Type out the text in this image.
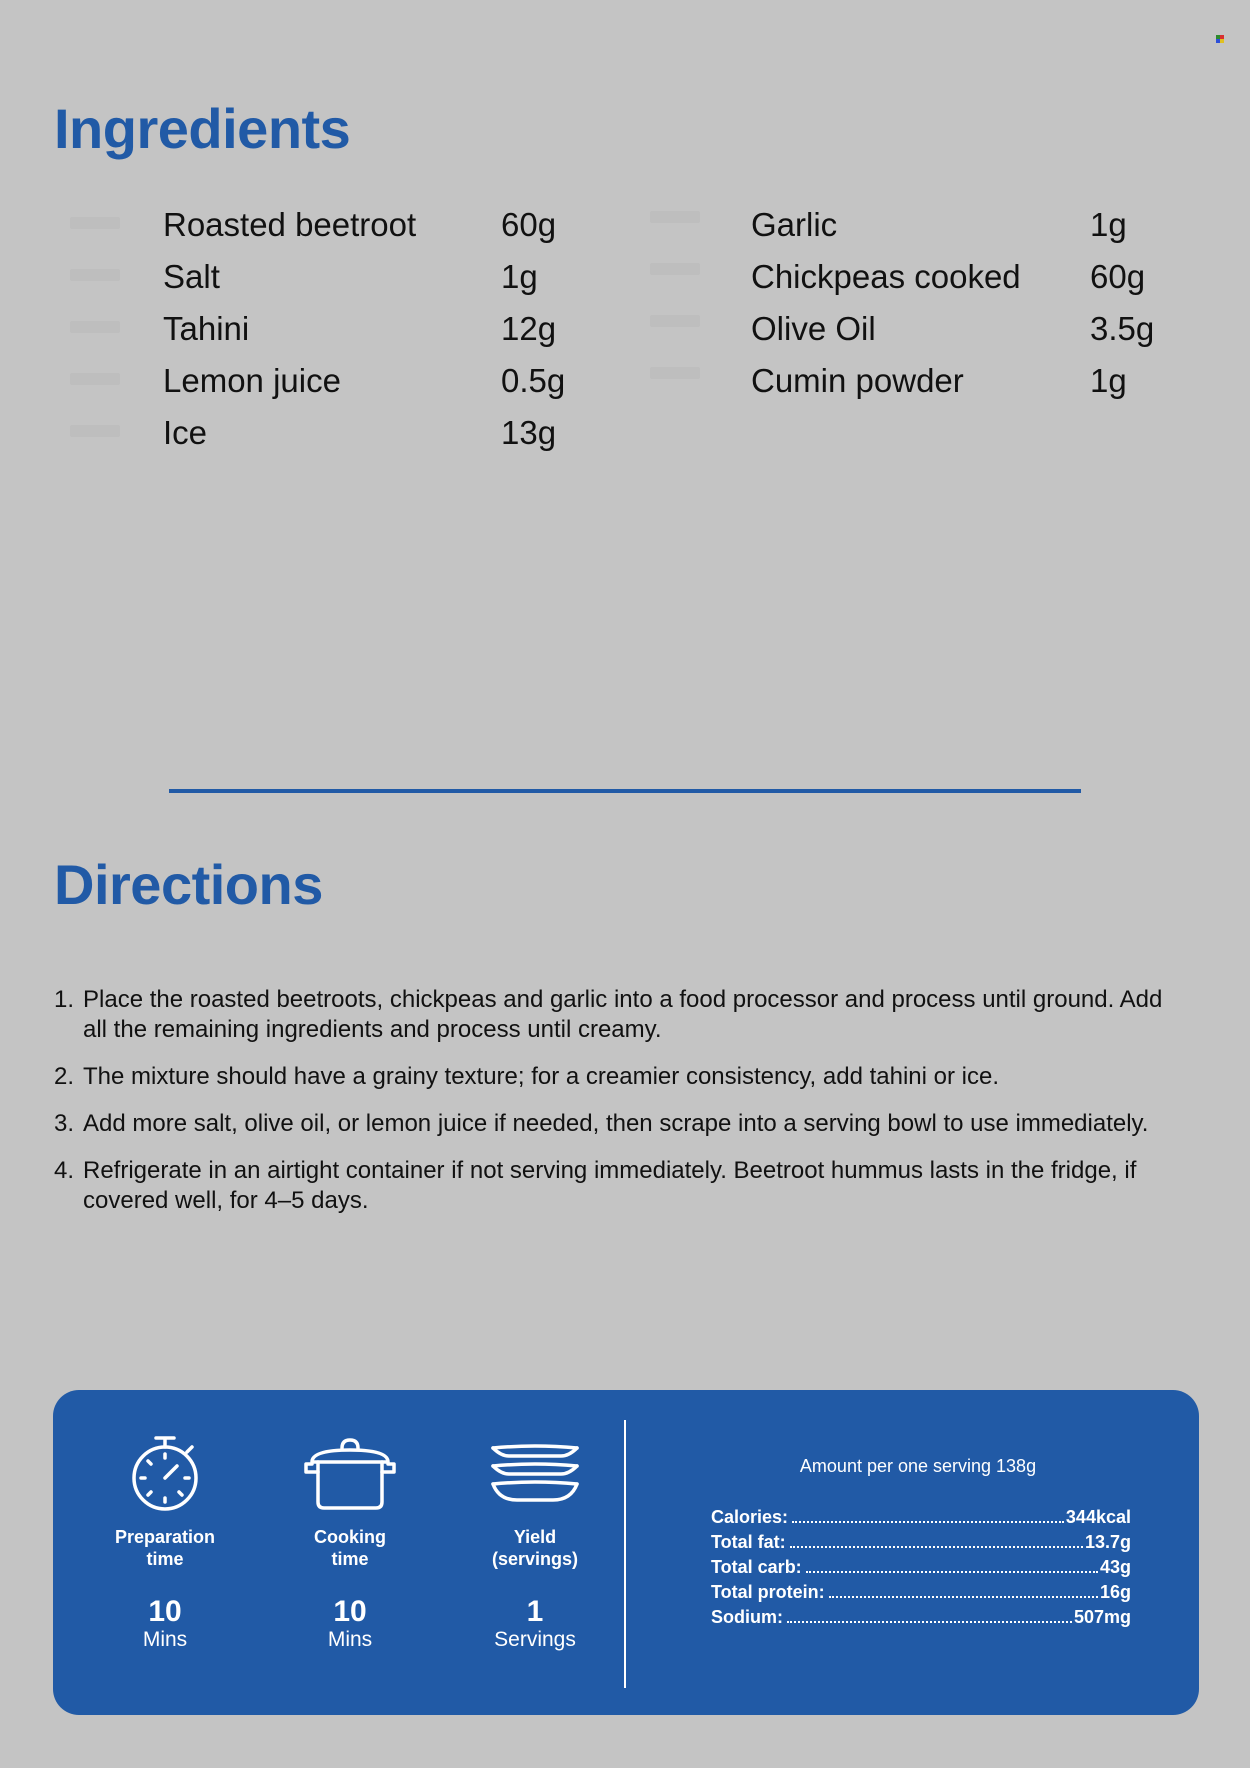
Ingredients
Roasted beetroot	60g
Salt	1g
Tahini	12g
Lemon juice	0.5g
Ice	13g
Garlic	1g
Chickpeas cooked 60g
Olive Oil	3.5g
Cumin powder	1g
Directions
1. Place the roasted beetroots, chickpeas and garlic into a food processor and process until ground. Add all the remaining ingredients and process until creamy.
2. The mixture should have a grainy texture; for a creamier consistency, add tahini or ice.
3. Add more salt, olive oil, or lemon juice if needed, then scrape into a serving bowl to use immediately.
4. Refrigerate in an airtight container if not serving immediately. Beetroot hummus lasts in the fridge, if covered well, for 4–5 days.
Preparation
time
10
Mins
Cooking
time
10
Mins
Yield
(servings)
1
Servings
Amount per one serving 138g
Calories:	344kcal
Total fat:	13.7g
Total carb:	43g
Total protein:	16g
Sodium:	507mg
